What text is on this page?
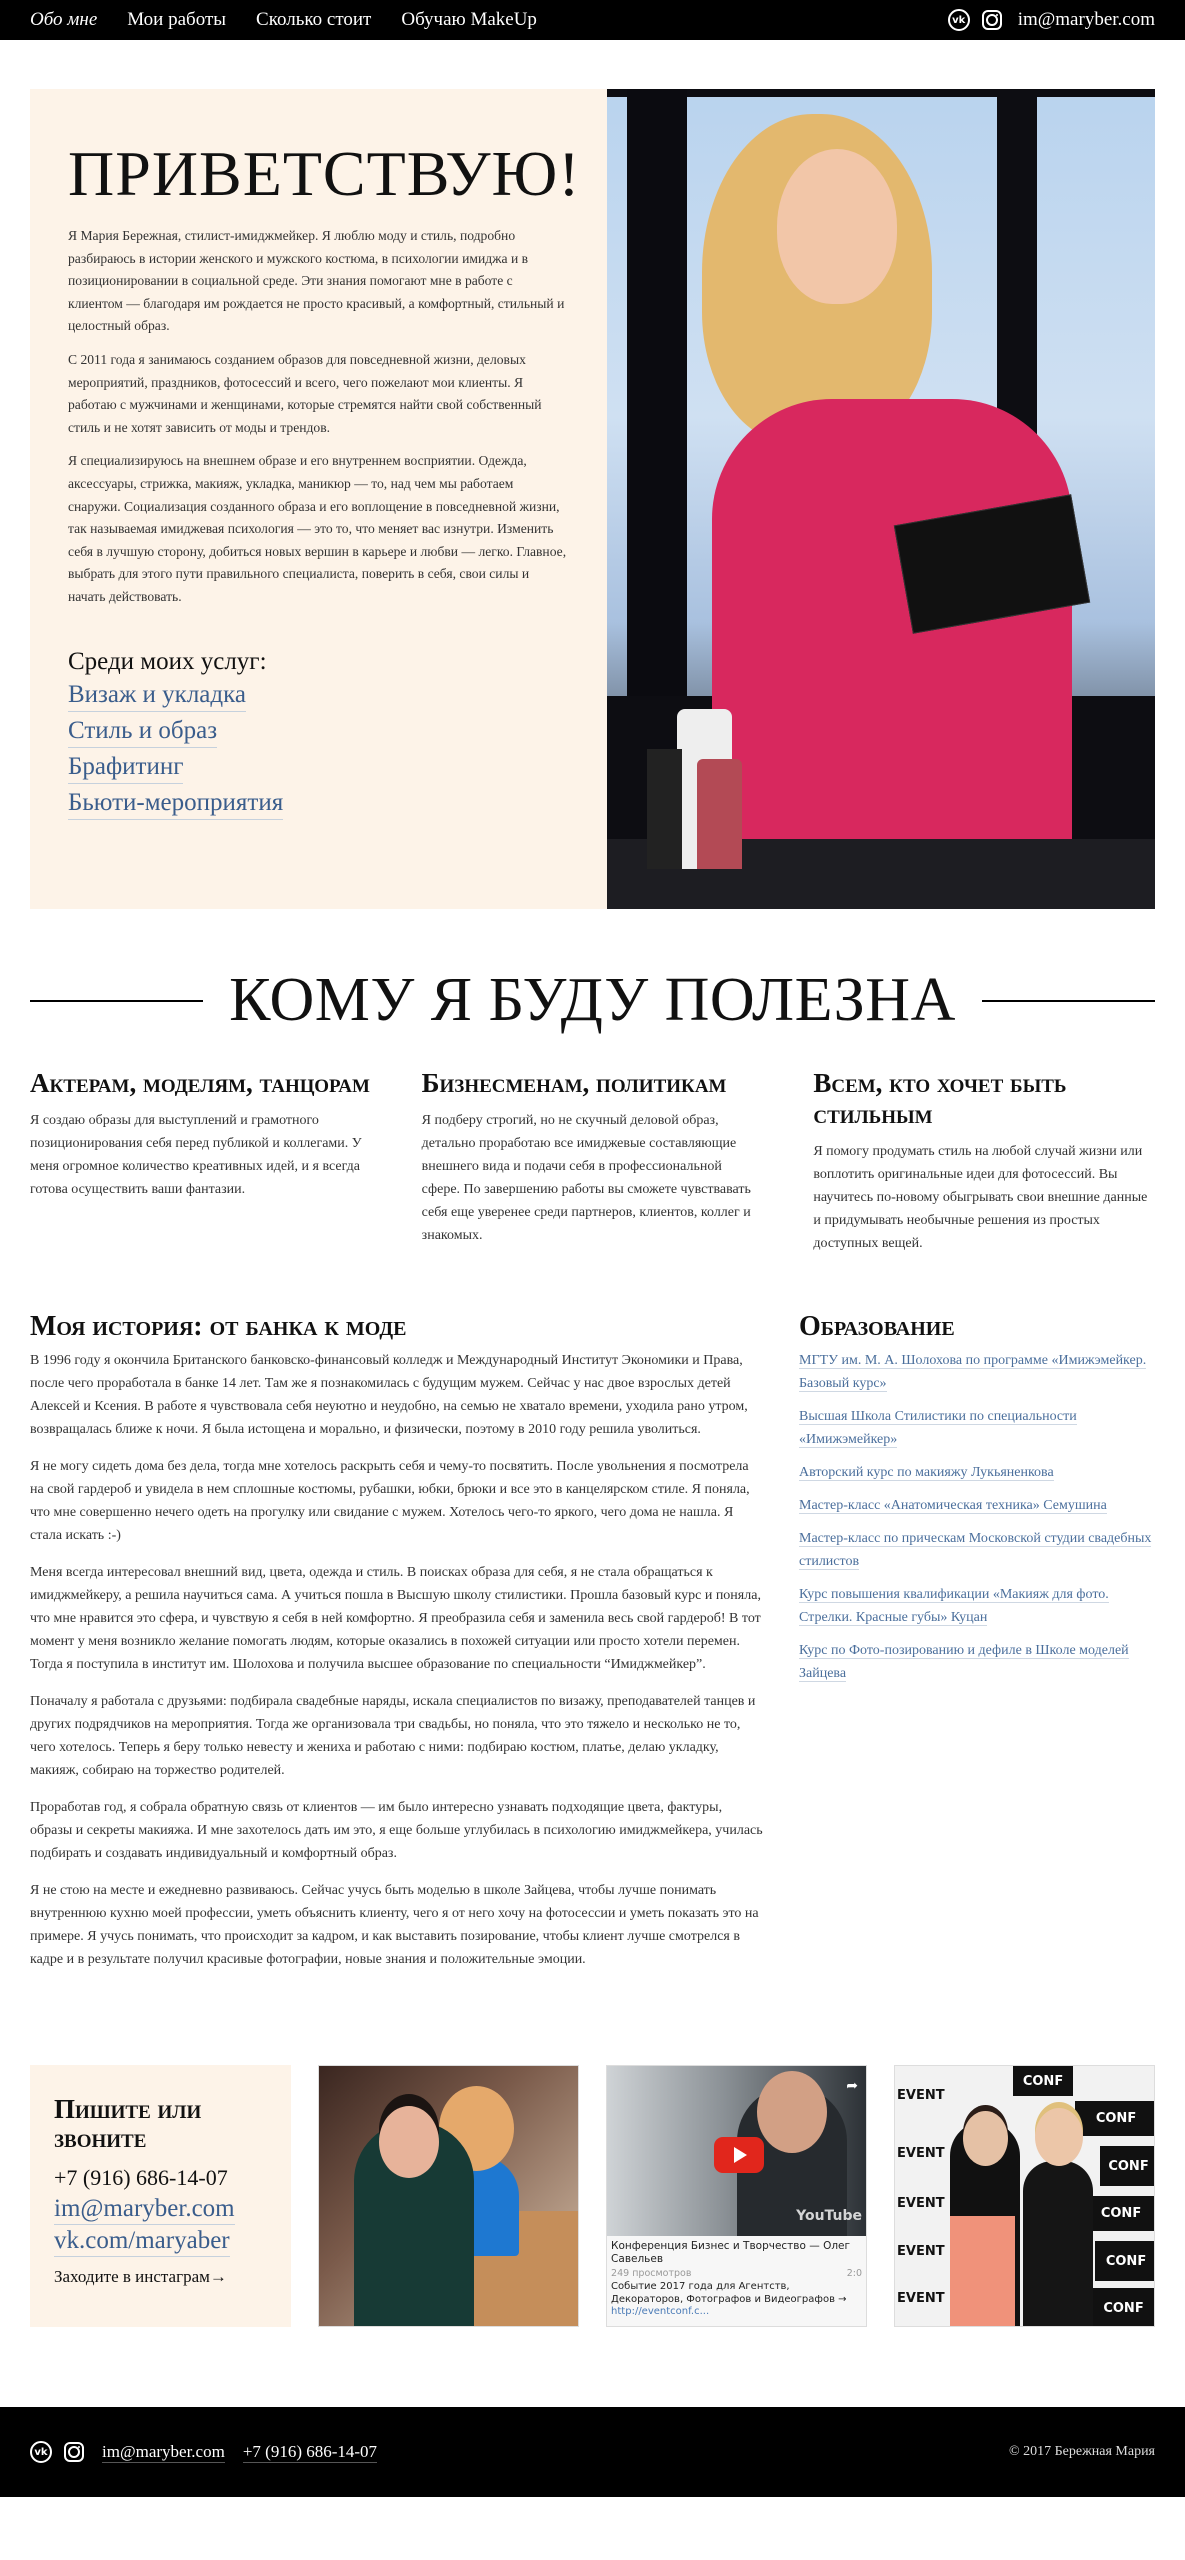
Обо мне Мои работы Сколько стоит Обучаю MakeUp	vk	im@maryber.com
ПРИВЕТСТВУЮ!

Я Мария Бережная, стилист-имиджмейкер. Я люблю моду и стиль, подробно разбираюсь в истории женского и мужского костюма, в психологии имиджа и в позиционировании в социальной среде. Эти знания помогают мне в работе с клиентом — благодаря им рождается не просто красивый, а комфортный, стильный и целостный образ.

С 2011 года я занимаюсь созданием образов для повседневной жизни, деловых мероприятий, праздников, фотосессий и всего, чего пожелают мои клиенты. Я работаю с мужчинами и женщинами, которые стремятся найти свой собственный стиль и не хотят зависить от моды и трендов.

Я специализируюсь на внешнем образе и его внутреннем восприятии. Одежда, аксессуары, стрижка, макияж, укладка, маникюр — то, над чем мы работаем снаружи. Социализация созданного образа и его воплощение в повседневной жизни, так называемая имиджевая психология — это то, что меняет вас изнутри. Изменить себя в лучшую сторону, добиться новых вершин в карьере и любви — легко. Главное, выбрать для этого пути правильного специалиста, поверить в себя, свои силы и начать действовать.

Среди моих услуг:
Визаж и укладка
Стиль и образ
Брафитинг
Бьюти-мероприятия
КОМУ Я БУДУ ПОЛЕЗНА
Актерам, моделям, танцорам

Я создаю образы для выступлений и грамотного позиционирования себя перед публикой и коллегами. У меня огромное количество креативных идей, и я всегда готова осуществить ваши фантазии.

Бизнесменам, политикам

Я подберу строгий, но не скучный деловой образ, детально проработаю все имиджевые составляющие внешнего вида и подачи себя в профессиональной сфере. По завершению работы вы сможете чувствавать себя еще уверенее среди партнеров, клиентов, коллег и знакомых.

Всем, кто хочет быть стильным

Я помогу продумать стиль на любой случай жизни или воплотить оригинальные идеи для фотосессий. Вы научитесь по-новому обыгрывать свои внешние данные и придумывать необычные решения из простых доступных вещей.

Моя история: от банка к моде

В 1996 году я окончила Британского банковско-финансовый колледж и Международный Институт Экономики и Права, после чего проработала в банке 14 лет. Там же я познакомилась с будущим мужем. Сейчас у нас двое взрослых детей Алексей и Ксения. В работе я чувствовала себя неуютно и неудобно, на семью не хватало времени, уходила рано утром, возвращалась ближе к ночи. Я была истощена и морально, и физически, поэтому в 2010 году решила уволиться.

Я не могу сидеть дома без дела, тогда мне хотелось раскрыть себя и чему-то посвятить. После увольнения я посмотрела на свой гардероб и увидела в нем сплошные костюмы, рубашки, юбки, брюки и все это в канцелярском стиле. Я поняла, что мне совершенно нечего одеть на прогулку или свидание с мужем. Хотелось чего-то яркого, чего дома не нашла. Я стала искать :-)

Меня всегда интересовал внешний вид, цвета, одежда и стиль. В поисках образа для себя, я не стала обращаться к имиджмейкеру, а решила научиться сама. А учиться пошла в Высшую школу стилистики. Прошла базовый курс и поняла, что мне нравится это сфера, и чувствую я себя в ней комфортно. Я преобразила себя и заменила весь свой гардероб! В тот момент у меня возникло желание помогать людям, которые оказались в похожей ситуации или просто хотели перемен. Тогда я поступила в институт им. Шолохова и получила высшее образование по специальности “Имиджмейкер”.

Поначалу я работала с друзьями: подбирала свадебные наряды, искала специалистов по визажу, преподавателей танцев и других подрядчиков на мероприятия. Тогда же организовала три свадьбы, но поняла, что это тяжело и несколько не то, чего хотелось. Теперь я беру только невесту и жениха и работаю с ними: подбираю костюм, платье, делаю укладку, макияж, собираю на торжество родителей.

Проработав год, я собрала обратную связь от клиентов — им было интересно узнавать подходящие цвета, фактуры, образы и секреты макияжа. И мне захотелось дать им это, я еще больше углубилась в психологию имиджмейкера, училась подбирать и создавать индивидуальный и комфортный образ.

Я не стою на месте и ежедневно развиваюсь. Сейчас учусь быть моделью в школе Зайцева, чтобы лучше понимать внутреннюю кухню моей профессии, уметь объяснить клиенту, чего я от него хочу на фотосессии и уметь показать это на примере. Я учусь понимать, что происходит за кадром, и как выставить позирование, чтобы клиент лучше смотрелся в кадре и в результате получил красивые фотографии, новые знания и положительные эмоции.

Образование
МГТУ им. М. А. Шолохова по программе «Имижэмейкер. Базовый курс»
Высшая Школа Стилистики по специальности «Имижэмейкер»
Авторский курс по макияжу Лукьяненкова
Мастер-класс «Анатомическая техника» Семушина
Мастер-класс по прическам Московской студии свадебных стилистов
Курс повышения квалификации «Макияж для фото. Стрелки. Красные губы» Куцан
Курс по Фото-позированию и дефиле в Школе моделей Зайцева
Пишите или звоните
+7 (916) 686-14-07
im@maryber.com
vk.com/maryaber
Заходите в инстаграм→
➦
YouTube
Конференция Бизнес и Творчество — Олег Савельев
249 просмотров	2:0
Событие 2017 года для Агентств, Декораторов, Фотографов и Видеографов → http://eventconf.c...
EVENT
CONF
CONF
EVENT
CONF
EVENT
CONF
EVENT
CONF
EVENT
CONF
vk	im@maryber.com +7 (916) 686-14-07	© 2017 Бережная Мария
